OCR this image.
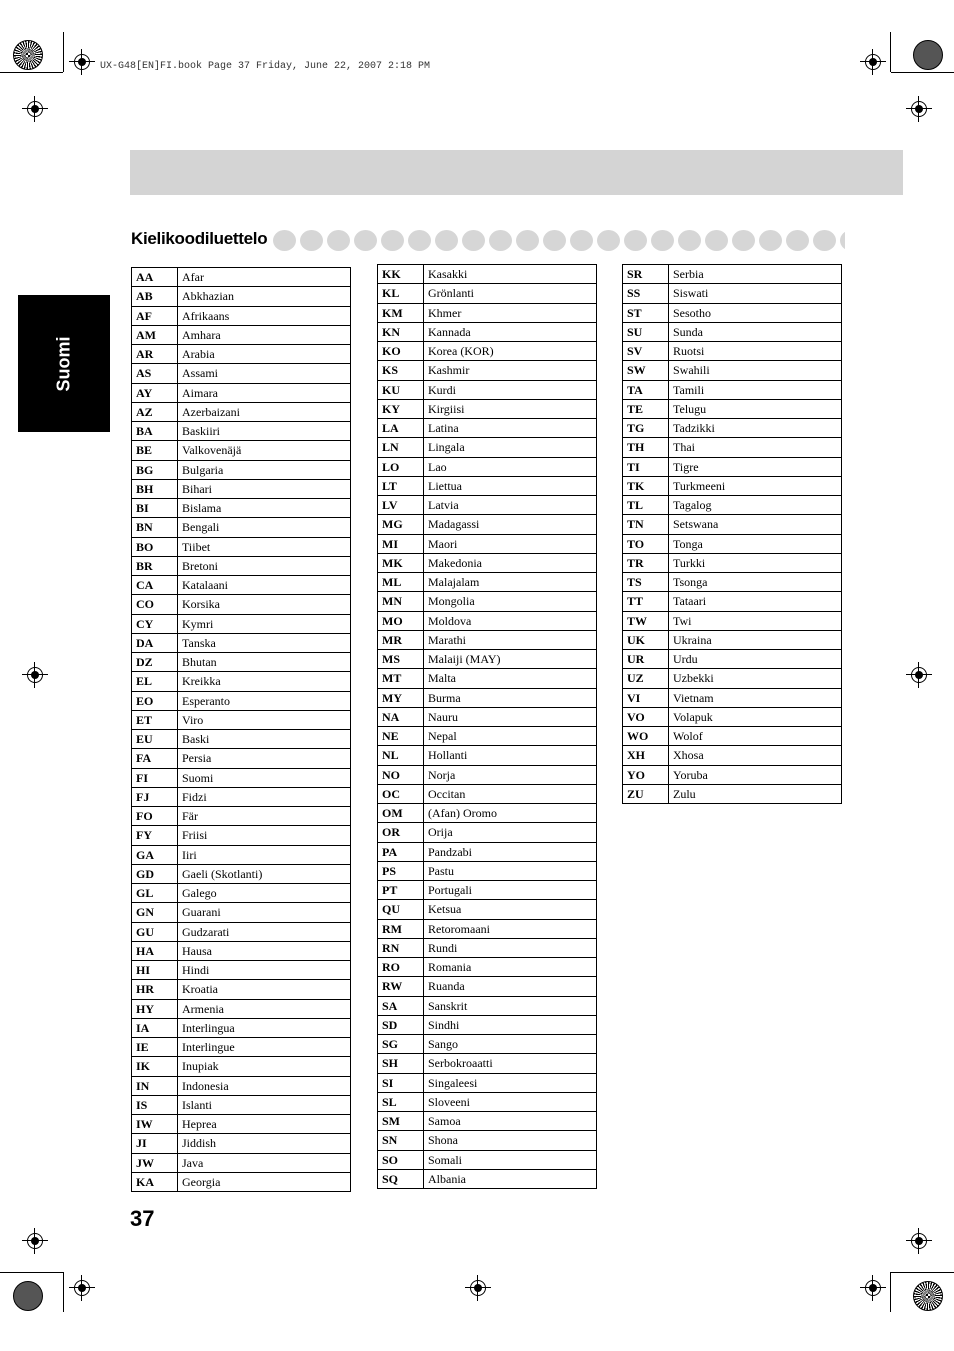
UX-G48[EN]FI.book Page 37 Friday, June 22, 2007 2:18 PM
Suomi
Kielikoodiluettelo
AA	Afar
AB	Abkhazian
AF	Afrikaans
AM	Amhara
AR	Arabia
AS	Assami
AY	Aimara
AZ	Azerbaizani
BA	Baskiiri
BE	Valkovenäjä
BG	Bulgaria
BH	Bihari
BI	Bislama
BN	Bengali
BO	Tiibet
BR	Bretoni
CA	Katalaani
CO	Korsika
CY	Kymri
DA	Tanska
DZ	Bhutan
EL	Kreikka
EO	Esperanto
ET	Viro
EU	Baski
FA	Persia
FI	Suomi
FJ	Fidzi
FO	Fär
FY	Friisi
GA	Iiri
GD	Gaeli (Skotlanti)
GL	Galego
GN	Guarani
GU	Gudzarati
HA	Hausa
HI	Hindi
HR	Kroatia
HY	Armenia
IA	Interlingua
IE	Interlingue
IK	Inupiak
IN	Indonesia
IS	Islanti
IW	Heprea
JI	Jiddish
JW	Java
KA	Georgia
KK	Kasakki
KL	Grönlanti
KM	Khmer
KN	Kannada
KO	Korea (KOR)
KS	Kashmir
KU	Kurdi
KY	Kirgiisi
LA	Latina
LN	Lingala
LO	Lao
LT	Liettua
LV	Latvia
MG	Madagassi
MI	Maori
MK	Makedonia
ML	Malajalam
MN	Mongolia
MO	Moldova
MR	Marathi
MS	Malaiji (MAY)
MT	Malta
MY	Burma
NA	Nauru
NE	Nepal
NL	Hollanti
NO	Norja
OC	Occitan
OM	(Afan) Oromo
OR	Orija
PA	Pandzabi
PS	Pastu
PT	Portugali
QU	Ketsua
RM	Retoromaani
RN	Rundi
RO	Romania
RW	Ruanda
SA	Sanskrit
SD	Sindhi
SG	Sango
SH	Serbokroaatti
SI	Singaleesi
SL	Sloveeni
SM	Samoa
SN	Shona
SO	Somali
SQ	Albania
SR	Serbia
SS	Siswati
ST	Sesotho
SU	Sunda
SV	Ruotsi
SW	Swahili
TA	Tamili
TE	Telugu
TG	Tadzikki
TH	Thai
TI	Tigre
TK	Turkmeeni
TL	Tagalog
TN	Setswana
TO	Tonga
TR	Turkki
TS	Tsonga
TT	Tataari
TW	Twi
UK	Ukraina
UR	Urdu
UZ	Uzbekki
VI	Vietnam
VO	Volapuk
WO	Wolof
XH	Xhosa
YO	Yoruba
ZU	Zulu
37
